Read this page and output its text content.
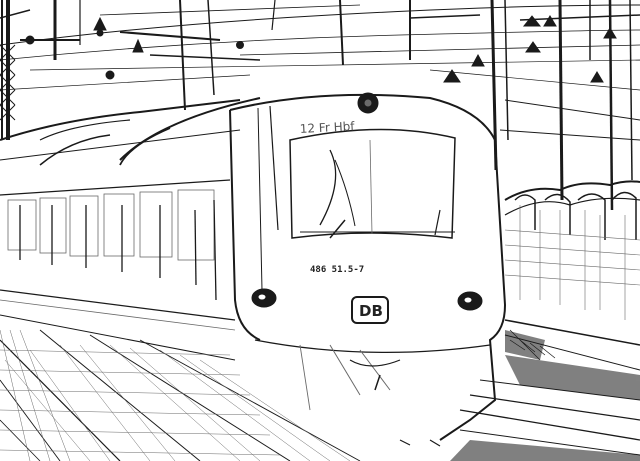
12 Fr Hbf
486 51.5-7
DB
